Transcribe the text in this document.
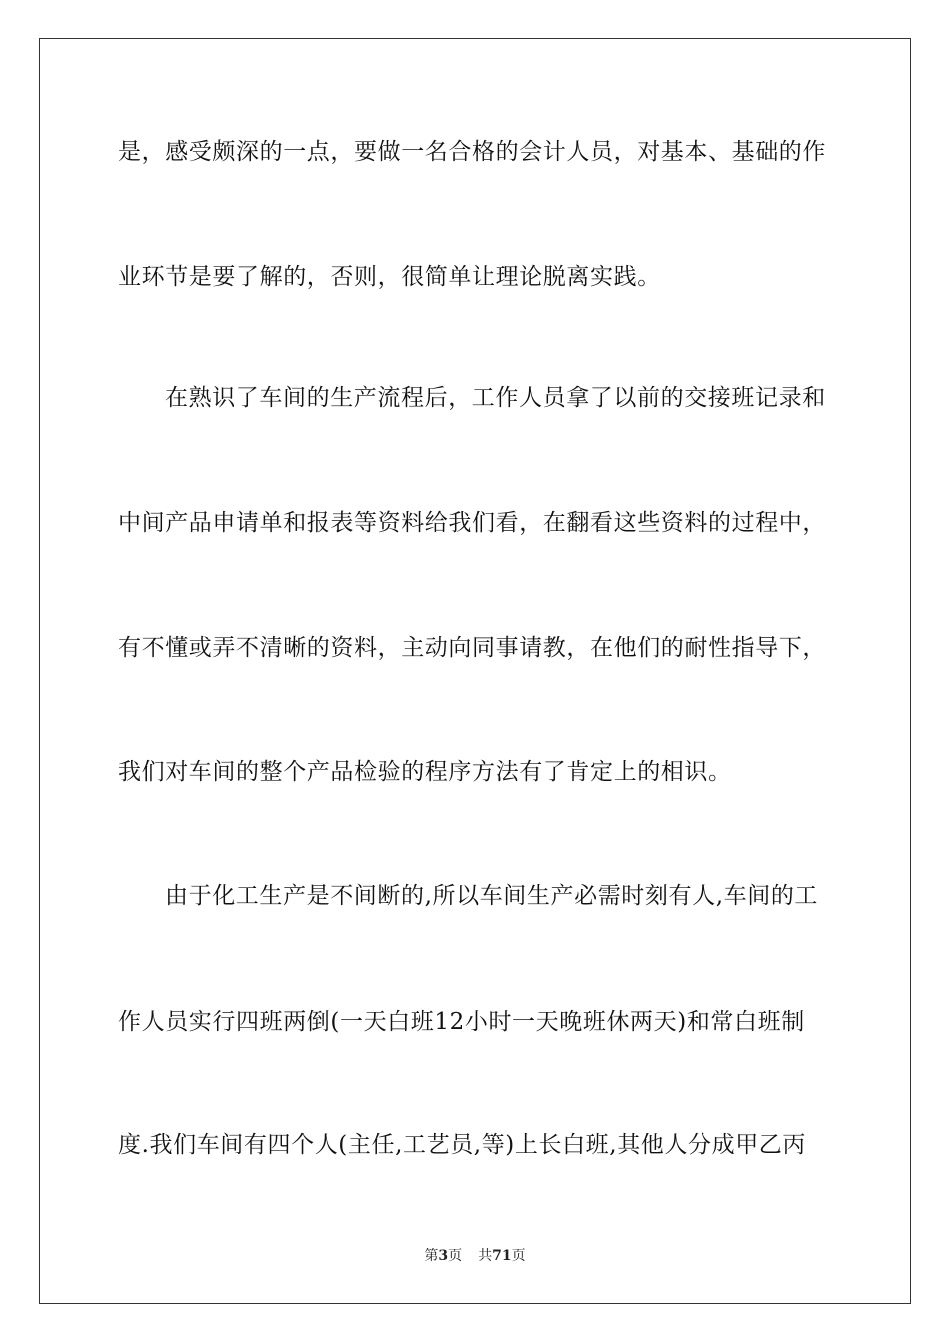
是，感受颇深的一点，要做一名合格的会计人员，对基本、基础的作
业环节是要了解的，否则，很简单让理论脱离实践。
在熟识了车间的生产流程后，工作人员拿了以前的交接班记录和
中间产品申请单和报表等资料给我们看，在翻看这些资料的过程中，
有不懂或弄不清晰的资料，主动向同事请教，在他们的耐性指导下，
我们对车间的整个产品检验的程序方法有了肯定上的相识。
由于化工生产是不间断的,所以车间生产必需时刻有人,车间的工
作人员实行四班两倒(一天白班12小时一天晚班休两天)和常白班制
度.我们车间有四个人(主任,工艺员,等)上长白班,其他人分成甲乙丙
第3页 共71页
